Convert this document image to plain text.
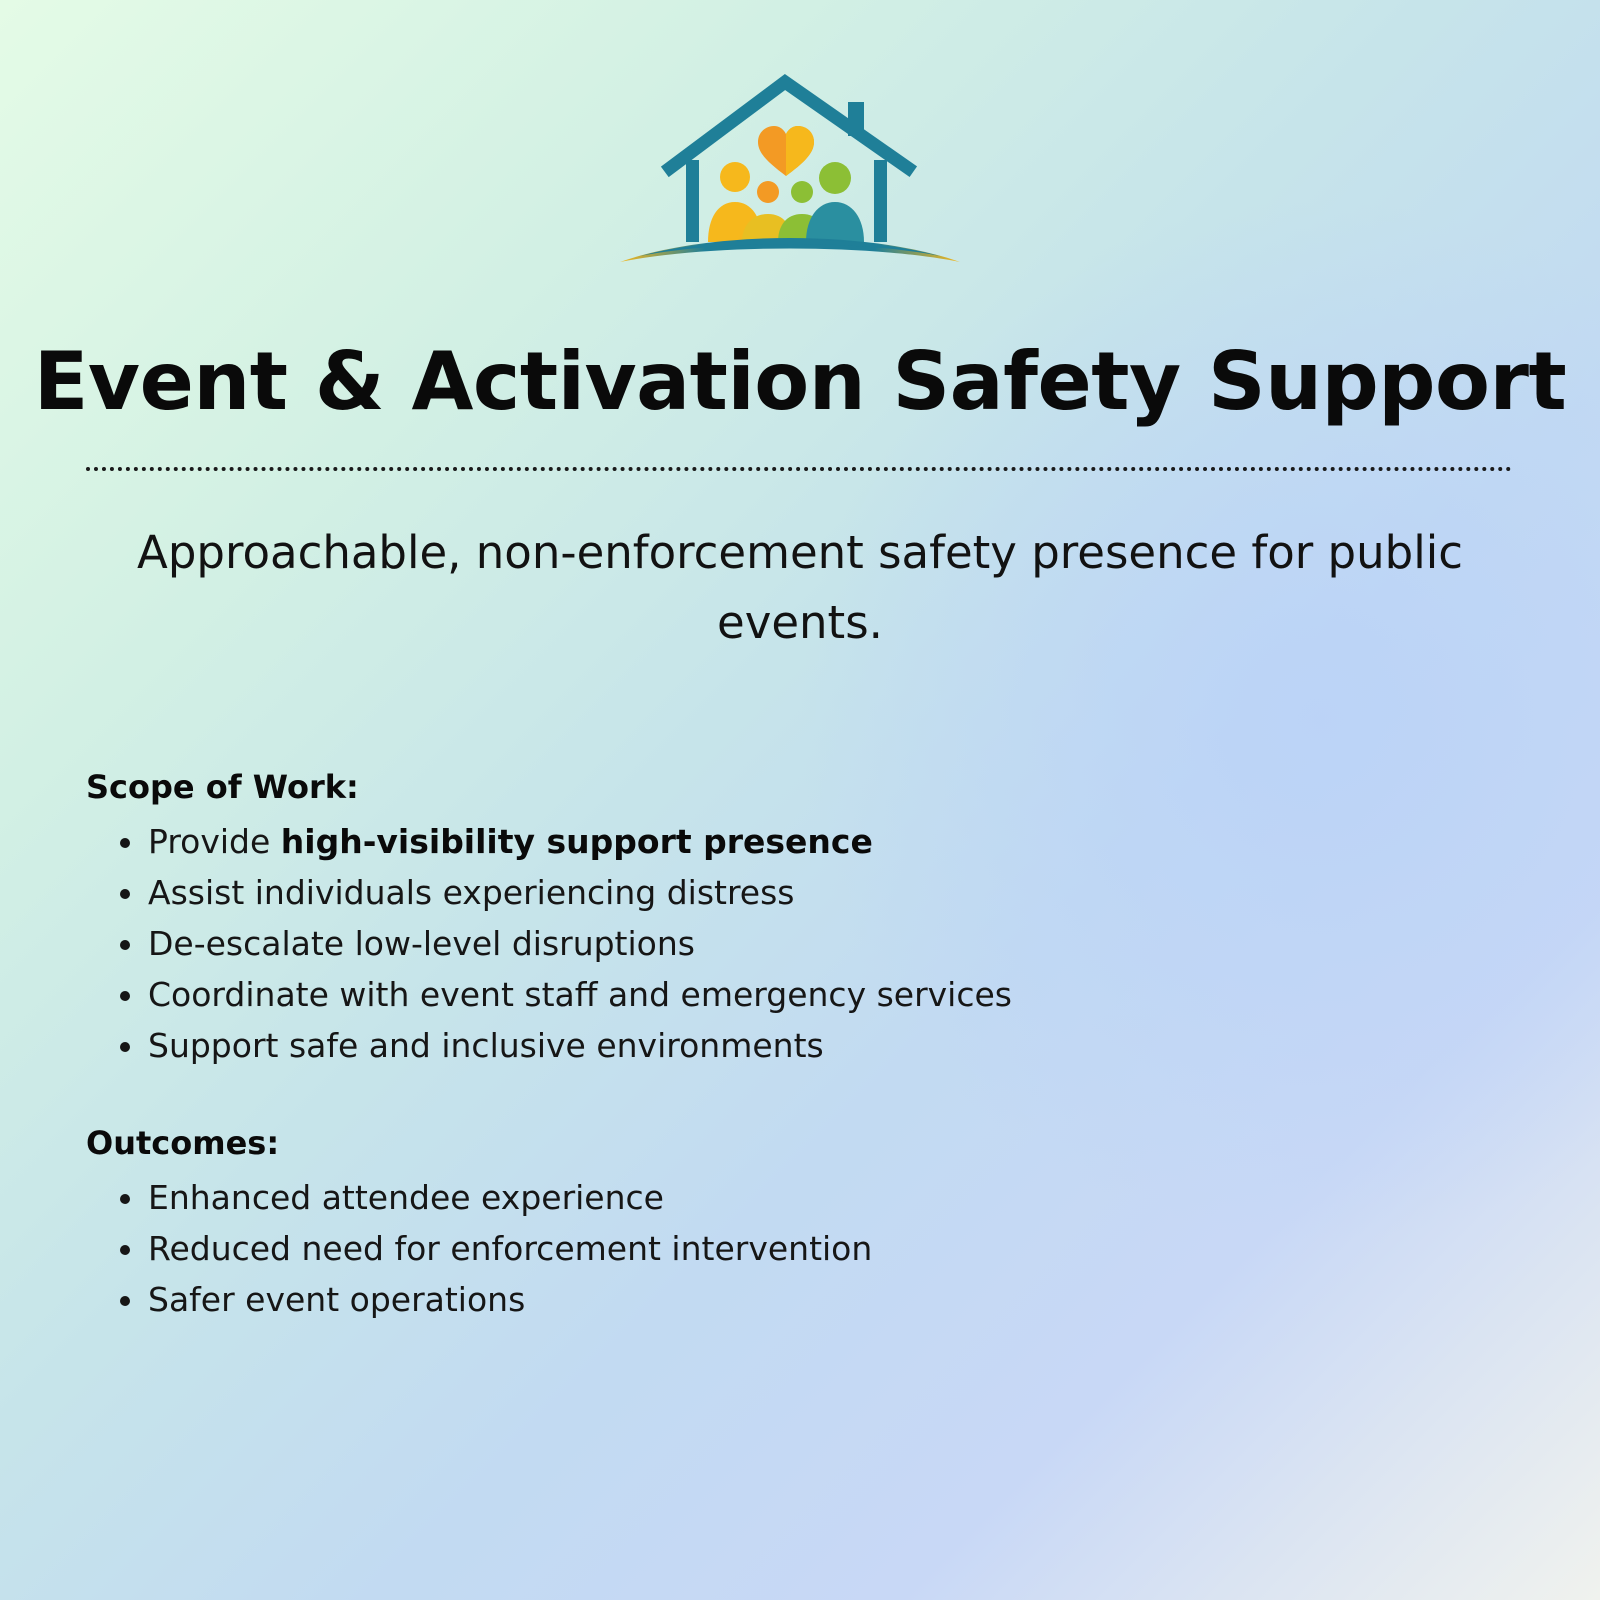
Event & Activation Safety Support

Approachable, non-enforcement safety presence for public events.

Scope of Work:
Provide high-visibility support presence
Assist individuals experiencing distress
De-escalate low-level disruptions
Coordinate with event staff and emergency services
Support safe and inclusive environments
Outcomes:
Enhanced attendee experience
Reduced need for enforcement intervention
Safer event operations
